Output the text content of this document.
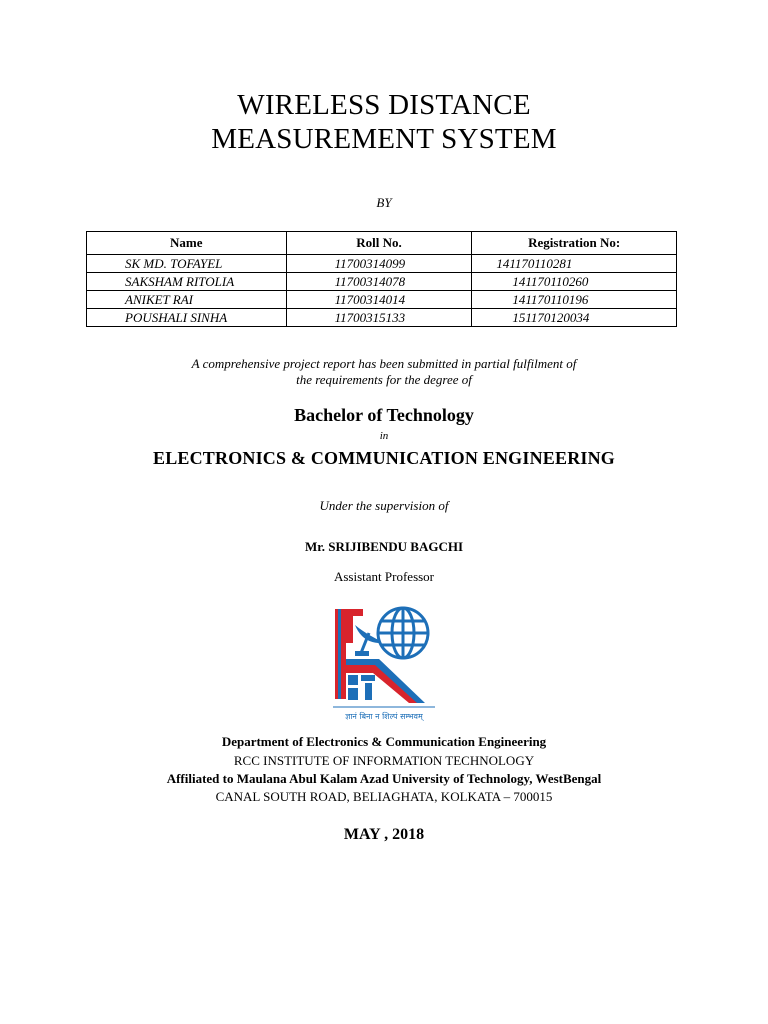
WIRELESS DISTANCE
MEASUREMENT SYSTEM
BY
Name	Roll No.	Registration No:
SK MD. TOFAYEL	11700314099	141170110281
SAKSHAM RITOLIA	11700314078	141170110260
ANIKET RAI	11700314014	141170110196
POUSHALI SINHA	11700315133	151170120034
A comprehensive project report has been submitted in partial fulfilment of
the requirements for the degree of
Bachelor of Technology
in
ELECTRONICS & COMMUNICATION ENGINEERING
Under the supervision of
Mr. SRIJIBENDU BAGCHI
Assistant Professor
ज्ञानं बिना न शिल्पं सम्भवम्
Department of Electronics & Communication Engineering
RCC INSTITUTE OF INFORMATION TECHNOLOGY
Affiliated to Maulana Abul Kalam Azad University of Technology, WestBengal
CANAL SOUTH ROAD, BELIAGHATA, KOLKATA – 700015
MAY , 2018
